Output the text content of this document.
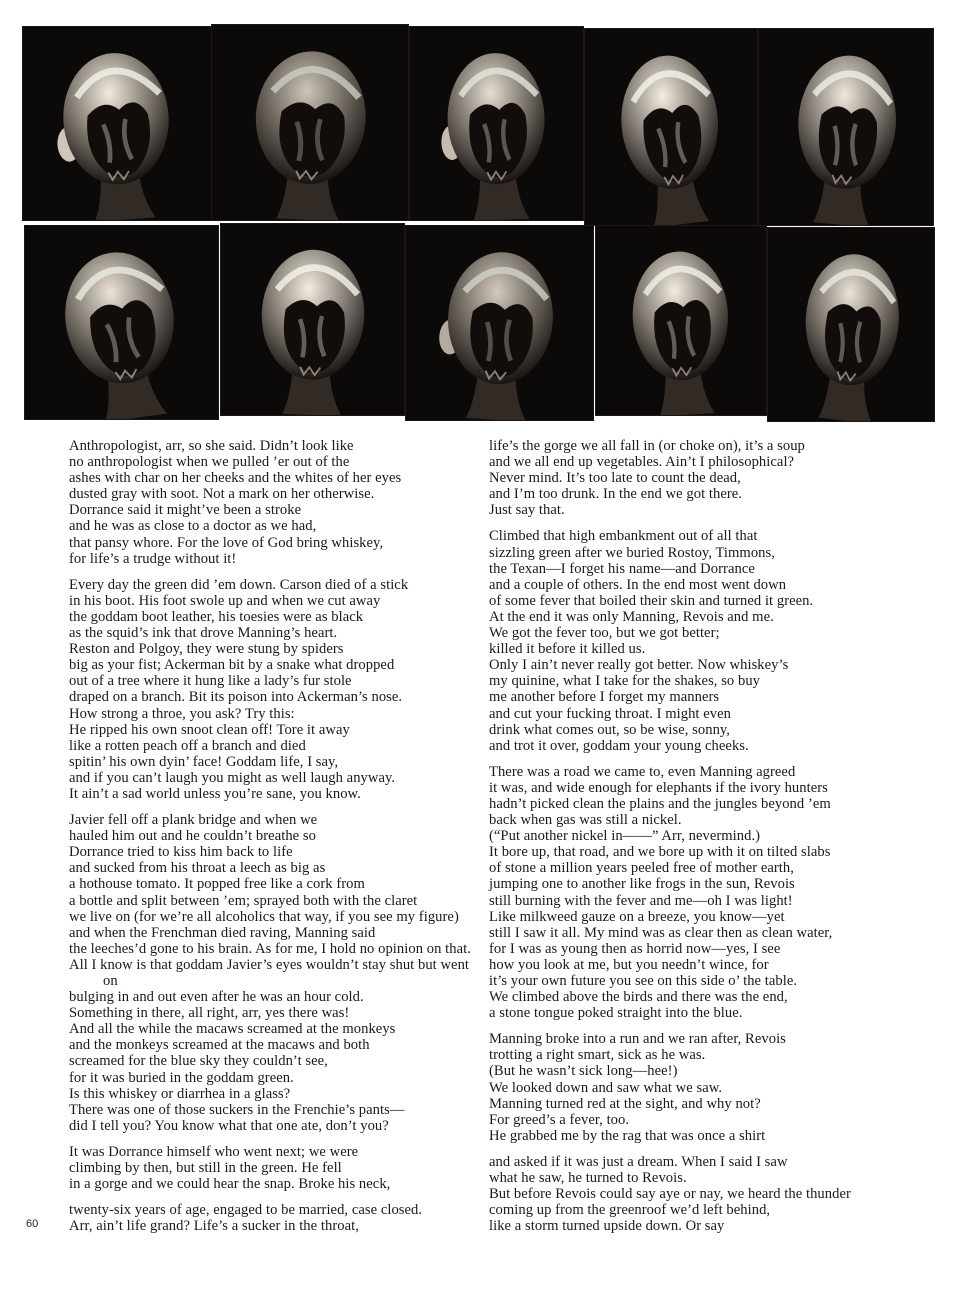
Anthropologist, arr, so she said. Didn’t look like
no anthropologist when we pulled ’er out of the
ashes with char on her cheeks and the whites of her eyes
dusted gray with soot. Not a mark on her otherwise.
Dorrance said it might’ve been a stroke
and he was as close to a doctor as we had,
that pansy whore. For the love of God bring whiskey,
for life’s a trudge without it!
Every day the green did ’em down. Carson died of a stick
in his boot. His foot swole up and when we cut away
the goddam boot leather, his toesies were as black
as the squid’s ink that drove Manning’s heart.
Reston and Polgoy, they were stung by spiders
big as your fist; Ackerman bit by a snake what dropped
out of a tree where it hung like a lady’s fur stole
draped on a branch. Bit its poison into Ackerman’s nose.
How strong a throe, you ask? Try this:
He ripped his own snoot clean off! Tore it away
like a rotten peach off a branch and died
spitin’ his own dyin’ face! Goddam life, I say,
and if you can’t laugh you might as well laugh anyway.
It ain’t a sad world unless you’re sane, you know.
Javier fell off a plank bridge and when we
hauled him out and he couldn’t breathe so
Dorrance tried to kiss him back to life
and sucked from his throat a leech as big as
a hothouse tomato. It popped free like a cork from
a bottle and split between ’em; sprayed both with the claret
we live on (for we’re all alcoholics that way, if you see my figure)
and when the Frenchman died raving, Manning said
the leeches’d gone to his brain. As for me, I hold no opinion on that.
All I know is that goddam Javier’s eyes wouldn’t stay shut but went on
bulging in and out even after he was an hour cold.
Something in there, all right, arr, yes there was!
And all the while the macaws screamed at the monkeys
and the monkeys screamed at the macaws and both
screamed for the blue sky they couldn’t see,
for it was buried in the goddam green.
Is this whiskey or diarrhea in a glass?
There was one of those suckers in the Frenchie’s pants—
did I tell you? You know what that one ate, don’t you?
It was Dorrance himself who went next; we were
climbing by then, but still in the green. He fell
in a gorge and we could hear the snap. Broke his neck,
twenty-six years of age, engaged to be married, case closed.
Arr, ain’t life grand? Life’s a sucker in the throat,
life’s the gorge we all fall in (or choke on), it’s a soup
and we all end up vegetables. Ain’t I philosophical?
Never mind. It’s too late to count the dead,
and I’m too drunk. In the end we got there.
Just say that.
Climbed that high embankment out of all that
sizzling green after we buried Rostoy, Timmons,
the Texan—I forget his name—and Dorrance
and a couple of others. In the end most went down
of some fever that boiled their skin and turned it green.
At the end it was only Manning, Revois and me.
We got the fever too, but we got better;
killed it before it killed us.
Only I ain’t never really got better. Now whiskey’s
my quinine, what I take for the shakes, so buy
me another before I forget my manners
and cut your fucking throat. I might even
drink what comes out, so be wise, sonny,
and trot it over, goddam your young cheeks.
There was a road we came to, even Manning agreed
it was, and wide enough for elephants if the ivory hunters
hadn’t picked clean the plains and the jungles beyond ’em
back when gas was still a nickel.
(“Put another nickel in——” Arr, nevermind.)
It bore up, that road, and we bore up with it on tilted slabs
of stone a million years peeled free of mother earth,
jumping one to another like frogs in the sun, Revois
still burning with the fever and me—oh I was light!
Like milkweed gauze on a breeze, you know—yet
still I saw it all. My mind was as clear then as clean water,
for I was as young then as horrid now—yes, I see
how you look at me, but you needn’t wince, for
it’s your own future you see on this side o’ the table.
We climbed above the birds and there was the end,
a stone tongue poked straight into the blue.
Manning broke into a run and we ran after, Revois
trotting a right smart, sick as he was.
(But he wasn’t sick long—hee!)
We looked down and saw what we saw.
Manning turned red at the sight, and why not?
For greed’s a fever, too.
He grabbed me by the rag that was once a shirt
and asked if it was just a dream. When I said I saw
what he saw, he turned to Revois.
But before Revois could say aye or nay, we heard the thunder
coming up from the greenroof we’d left behind,
like a storm turned upside down. Or say
60
